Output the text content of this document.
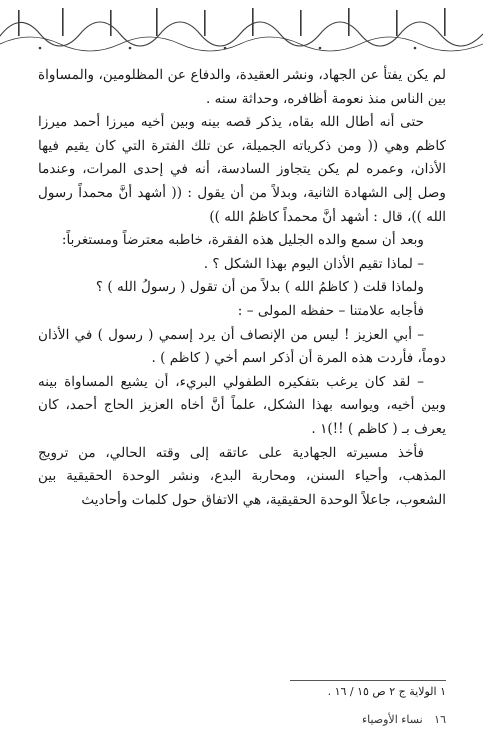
لم يكن يفتأ عن الجهاد، ونشر العقيدة، والدفاع عن المظلومين، والمساواة بين الناس منذ نعومة أظافره، وحداثة سنه .

حتى أنه أطال الله بقاه، يذكر قصه بينه وبين أخيه ميرزا أحمد ميرزا كاظم وهي (( ومن ذكرياته الجميلة، عن تلك الفترة التي كان يقيم فيها الأذان، وعمره لم يكن يتجاوز السادسة، أنه في إحدى المرات، وعندما وصل إلى الشهادة الثانية، وبدلاً من أن يقول : (( أشهد أنَّ محمداً رسول الله ))، قال : أشهد أنَّ محمداً كاظمُ الله ))

وبعد أن سمع والده الجليل هذه الفقرة، خاطبه معترضاً ومستغرباً:

– لماذا تقيم الأذان اليوم بهذا الشكل ؟ .

ولماذا قلت ( كاظمُ الله ) بدلاً من أن تقول ( رسولُ الله ) ؟

فأجابه علامتنا – حفظه المولى – :

– أبي العزيز ! ليس من الإنصاف أن يرد إسمي ( رسول ) في الأذان دوماً، فأردت هذه المرة أن أذكر اسم أخي ( كاظم ) .

– لقد كان يرغب بتفكيره الطفولي البريء، أن يشيع المساواة بينه وبين أخيه، ويواسه بهذا الشكل، علماً أنَّ أخاه العزيز الحاج أحمد، كان يعرف بـ ( كاظم ) !!)١ .

فأخذ مسيرته الجهادية على عاتقه إلى وقته الحالي، من ترويج المذهب، وأحياء السنن، ومحاربة البدع، ونشر الوحدة الحقيقية بين الشعوب، جاعلاً الوحدة الحقيقية، هي الاتفاق حول كلمات وأحاديث

١ الولاية ج ٢ ص ١٥ / ١٦ .
١٦ نساء الأوصياء
